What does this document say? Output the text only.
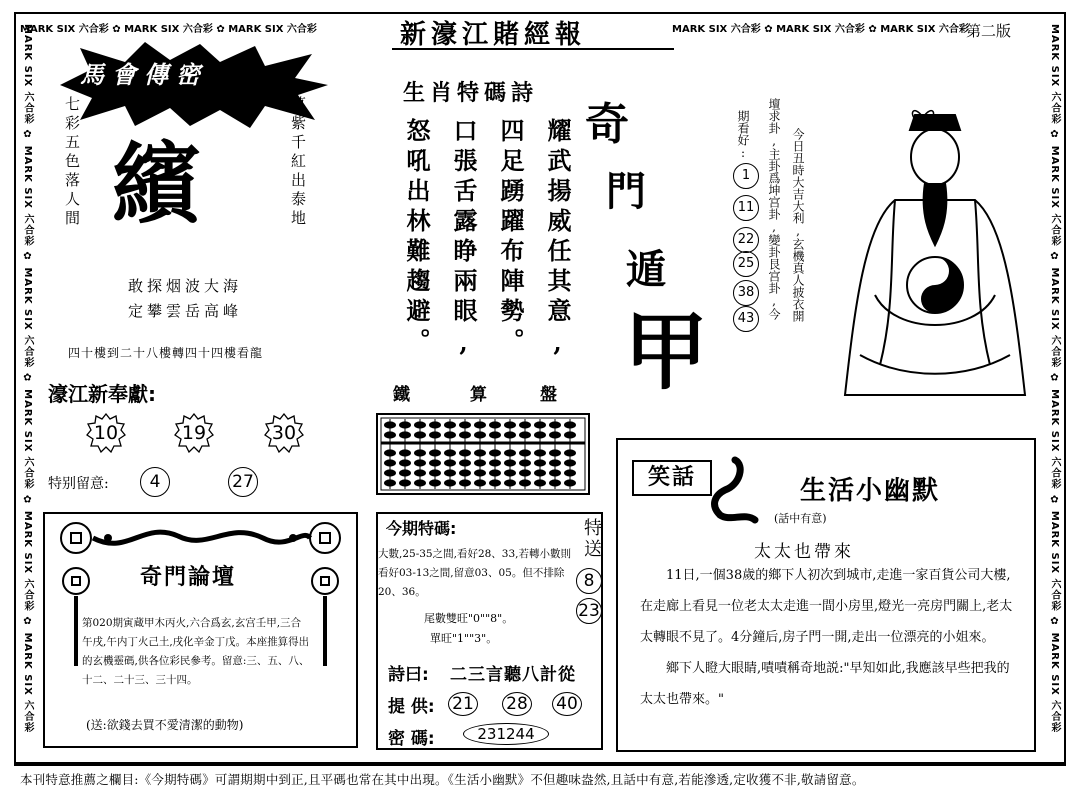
MARK SIX 六合彩 ✿ MARK SIX 六合彩 ✿ MARK SIX 六合彩	MARK SIX 六合彩 ✿ MARK SIX 六合彩 ✿ MARK SIX 六合彩
MARK SIX 六合彩 ✿ MARK SIX 六合彩 ✿ MARK SIX 六合彩 ✿ MARK SIX 六合彩 ✿ MARK SIX 六合彩 ✿ MARK SIX 六合彩
MARK SIX 六合彩 ✿ MARK SIX 六合彩 ✿ MARK SIX 六合彩 ✿ MARK SIX 六合彩 ✿ MARK SIX 六合彩 ✿ MARK SIX 六合彩
新濠江賭經報	第二版
馬會傳密
七彩五色落人間 繽	萬紫千紅出泰地
敢探烟波大海
定攀雲岳高峰
四十樓到二十八樓轉四十四樓看龍
濠江新奉獻:
10	19	30
特别留意:	4	27
奇門論壇
第020期寅蔵甲木丙火,六合爲玄,玄宫壬甲,三合午戌,午内丁火己土,戌化辛金丁戊。本座推算得出的玄機靈碼,供各位彩民參考。留意:三、五、八、十二、二十三、三十四。
(送:欲錢去買不愛清潔的動物)
生肖特碼詩
耀武揚威任其意,
四足踴躍布陣勢。
口張舌露睁兩眼,
怒吼出林難趨避。
鐵	算	盤
奇
門
遁
甲
今日丑時大吉大利,玄機真人披衣開
壇求卦,主卦爲坤宫卦,變卦艮宫卦,今
期看好:
1
11
22
25
38
43
今期特碼:	特送
8
23
大數,25-35之間,看好28、33,若轉小數則看好03-13之間,留意03、05。但不排除20、36。
尾數雙旺"0""8"。
單旺"1""3"。
詩曰: 二三言聽八計從
提 供: 21 28 40
密 碼:	231244
笑話	生活小幽默
(話中有意)
太太也帶來

11日,一個38歲的鄉下人初次到城市,走進一家百貨公司大樓,在走廊上看見一位老太太走進一間小房里,燈光一亮房門關上,老太太轉眼不見了。4分鐘后,房子門一開,走出一位漂亮的小姐來。

鄉下人瞪大眼睛,嘖嘖稱奇地説:"早知如此,我應該早些把我的太太也帶來。"

本刊特意推薦之欄目:《今期特碼》可謂期期中到正,且平碼也常在其中出現。《生活小幽默》不但趣味盎然,且話中有意,若能滲透,定收獲不非,敬請留意。
